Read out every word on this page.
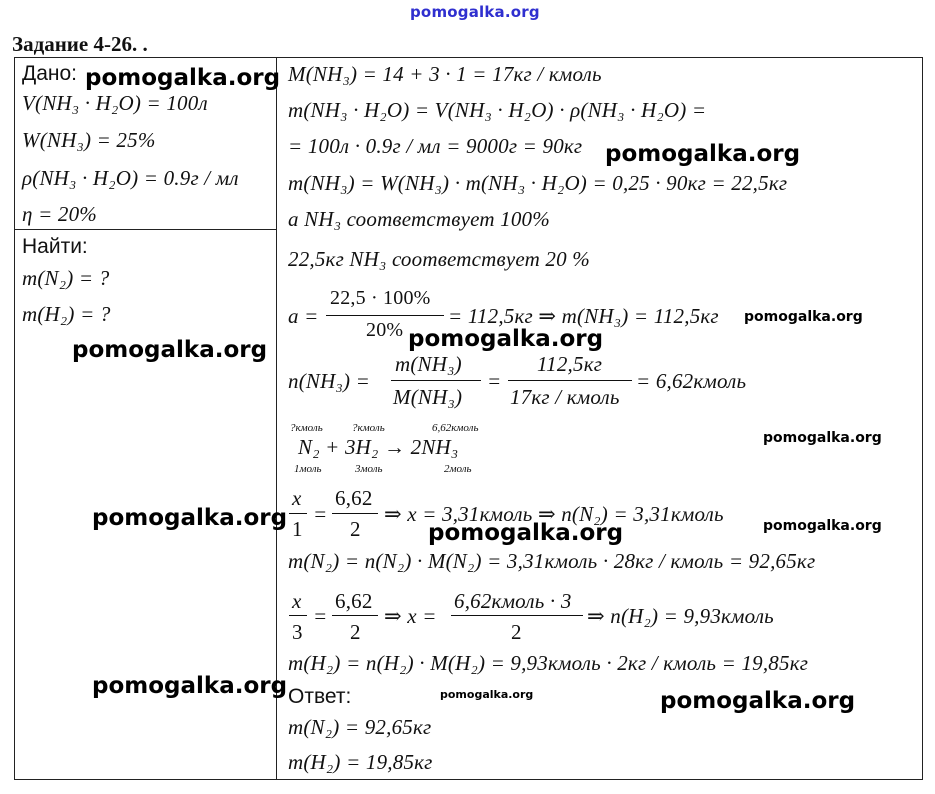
pomogalka.org
Задание 4-26. .
Дано:
V(NH₃ · H₂O) = 100л
W(NH₃) = 25%
ρ(NH₃ · H₂O) = 0.9г / мл
η = 20%
Найти:
m(N₂) = ?
m(H₂) = ?
M(NH₃) = 14 + 3 · 1 = 17кг / кмоль
m(NH₃ · H₂O) = V(NH₃ · H₂O) · ρ(NH₃ · H₂O) =
= 100л · 0.9г / мл = 9000г = 90кг
m(NH₃) = W(NH₃) · m(NH₃ · H₂O) = 0,25 · 90кг = 22,5кг
a NH₃ соответствует 100%
22,5кг NH₃ соответствует 20 %
a =
22,5 · 100%
20%
= 112,5кг ⇒ m(NH₃) = 112,5кг
n(NH₃) =
m(NH₃)
M(NH₃)
=
112,5кг
17кг / кмоль
= 6,62кмоль
?кмоль	?кмоль	6,62кмоль
N₂ + 3H₂ → 2NH₃
1моль	3моль	2моль
x
1
=
6,62
2
⇒ x = 3,31кмоль ⇒ n(N₂) = 3,31кмоль
m(N₂) = n(N₂) · M(N₂) = 3,31кмоль · 28кг / кмоль = 92,65кг
x
3
=
6,62
2
⇒ x =
6,62кмоль · 3
2
⇒ n(H₂) = 9,93кмоль
m(H₂) = n(H₂) · M(H₂) = 9,93кмоль · 2кг / кмоль = 19,85кг
Ответ:
m(N₂) = 92,65кг
m(H₂) = 19,85кг
pomogalka.org
pomogalka.org
pomogalka.org
pomogalka.org
pomogalka.org
pomogalka.org
pomogalka.org	pomogalka.org
pomogalka.org
pomogalka.org	pomogalka.org	pomogalka.org
